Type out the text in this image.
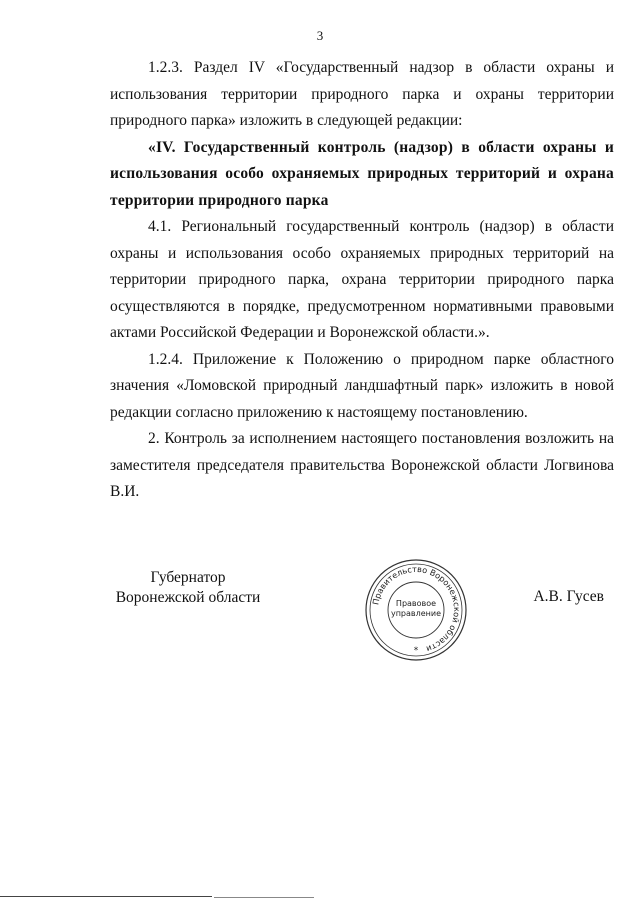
3

1.2.3. Раздел IV «Государственный надзор в области охраны и использования территории природного парка и охраны территории природного парка» изложить в следующей редакции:

«IV. Государственный контроль (надзор) в области охраны и использования особо охраняемых природных территорий и охрана территории природного парка

4.1. Региональный государственный контроль (надзор) в области охраны и использования особо охраняемых природных территорий на территории природного парка, охрана территории природного парка осуществляются в порядке, предусмотренном нормативными правовыми актами Российской Федерации и Воронежской области.».

1.2.4. Приложение к Положению о природном парке областного значения «Ломовской природный ландшафтный парк» изложить в новой редакции согласно приложению к настоящему постановлению.

2. Контроль за исполнением настоящего постановления возложить на заместителя председателя правительства Воронежской области Логвинова В.И.

Губернатор
Воронежской области	Правительство Воронежской области
Правовое
управление
*
А.В. Гусев
